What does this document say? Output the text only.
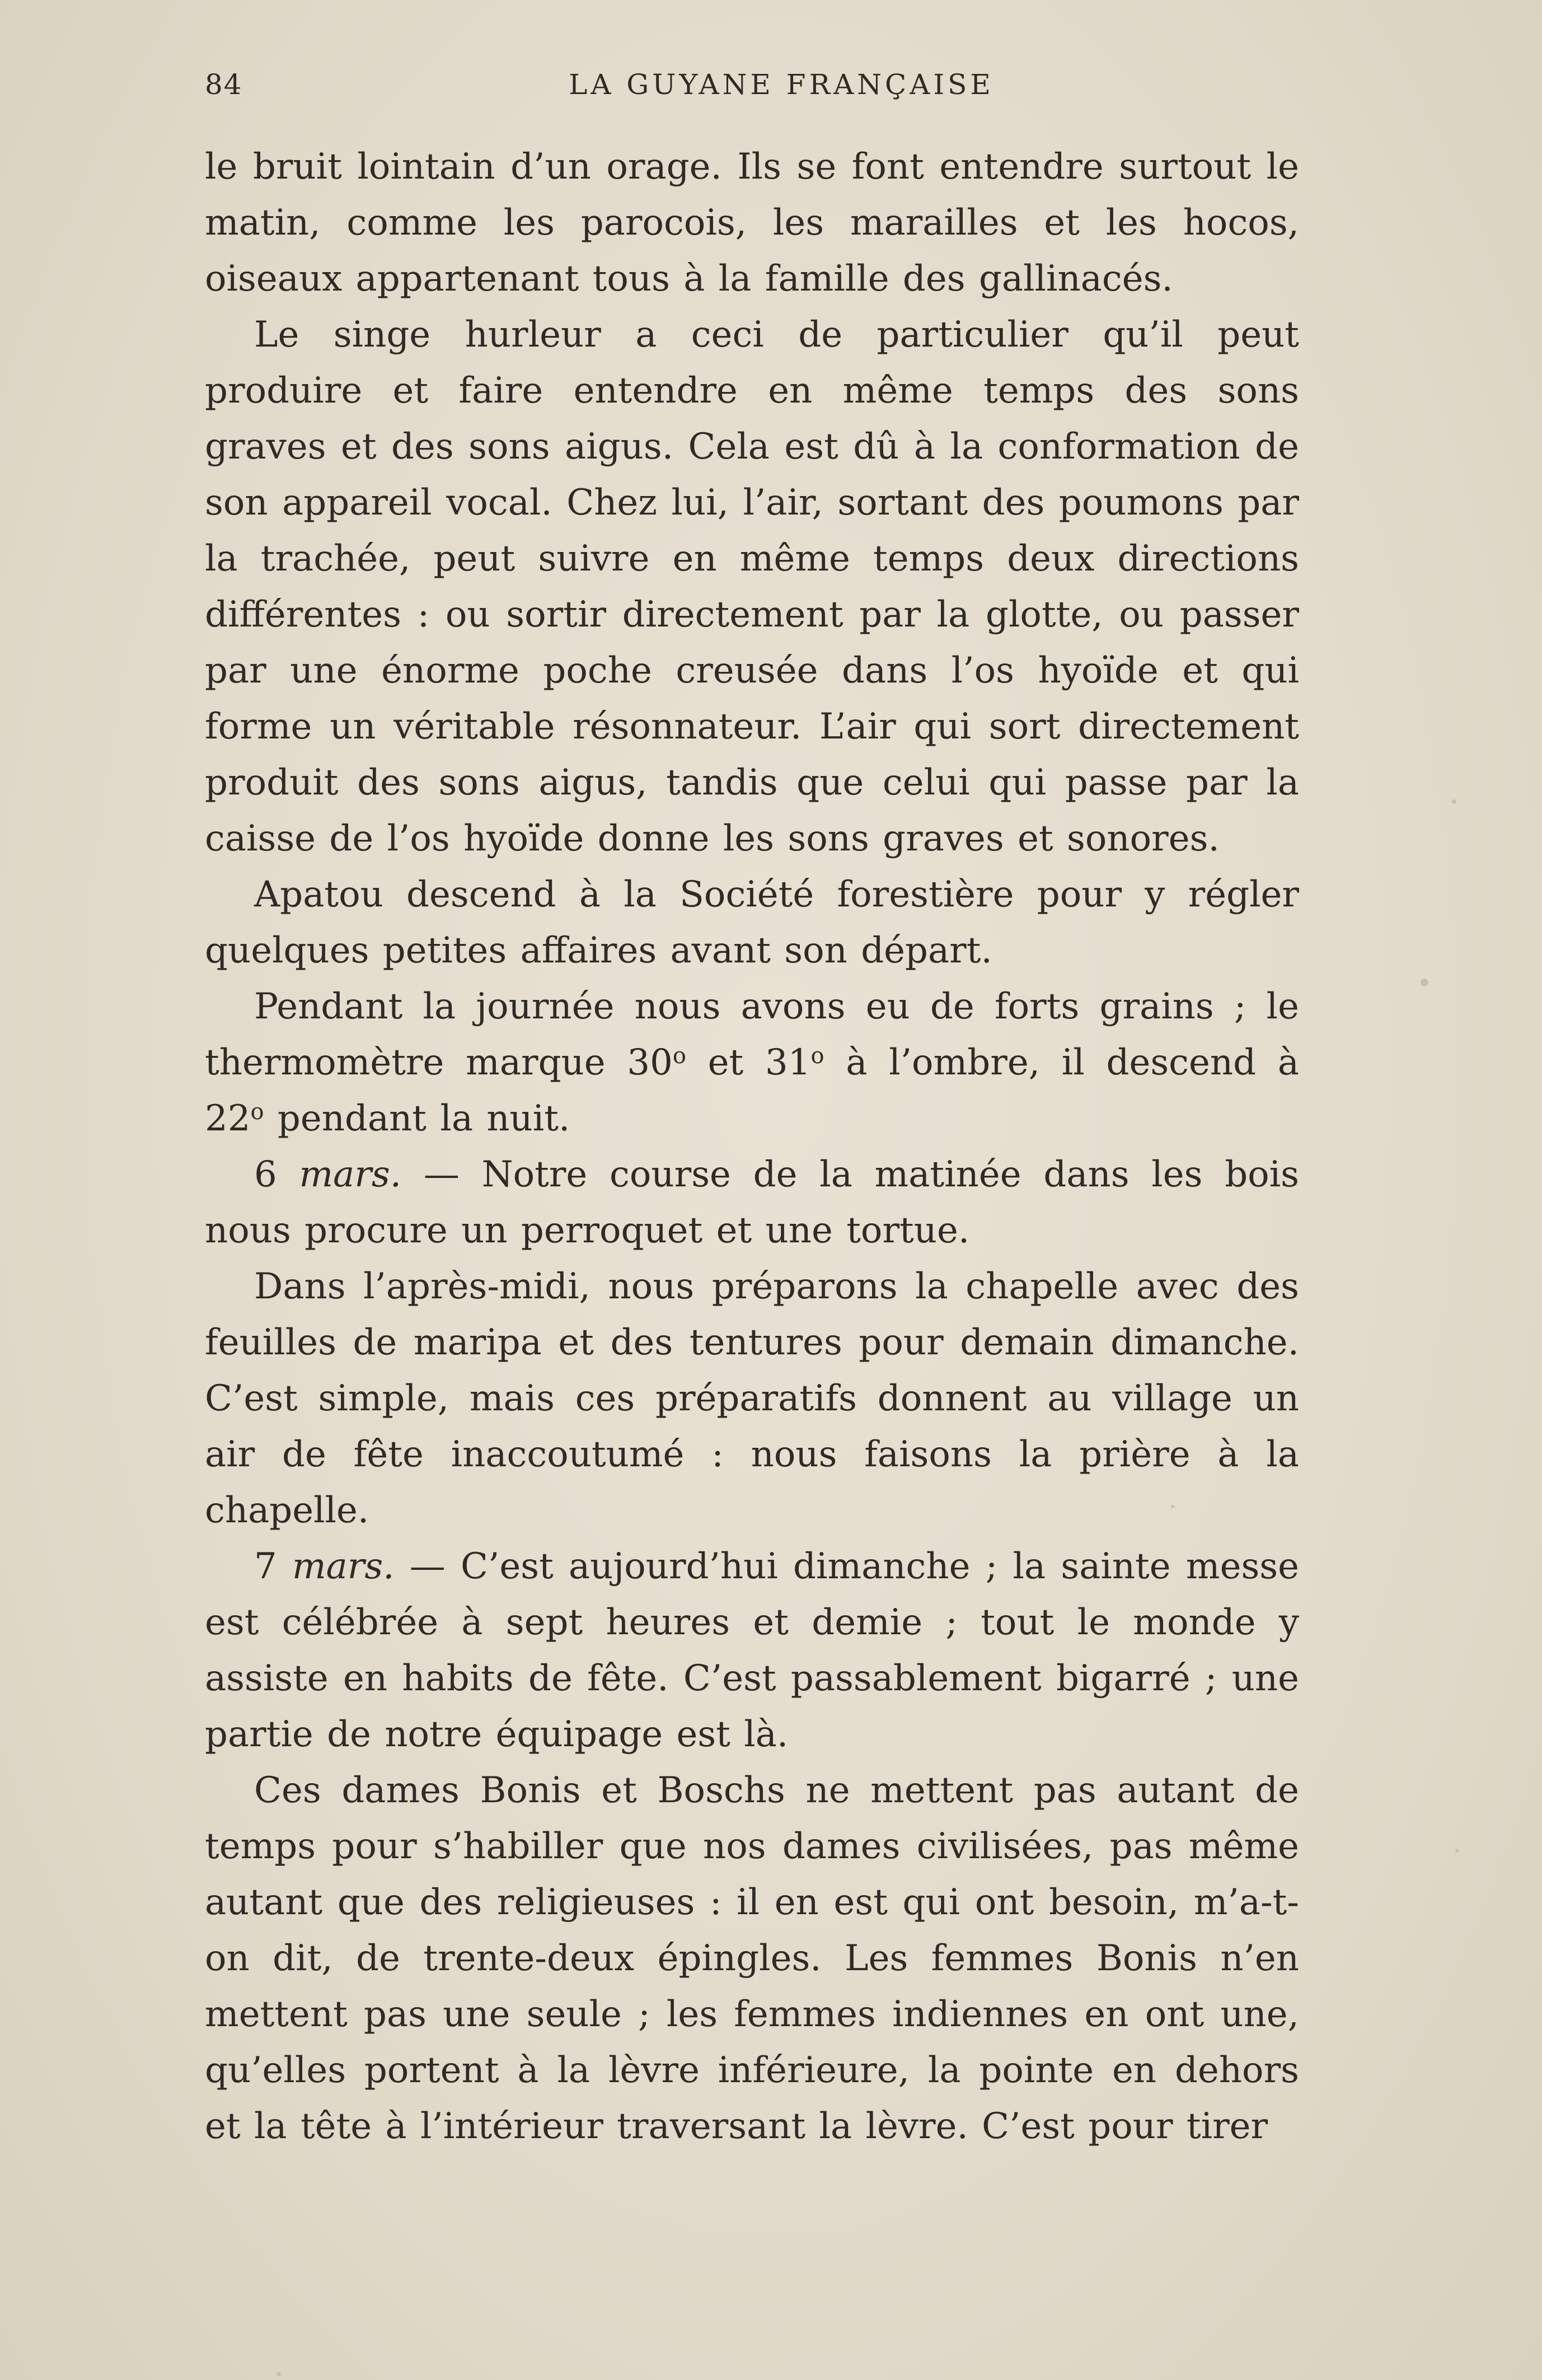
84	LA GUYANE FRANÇAISE

le bruit lointain d’un orage. Ils se font entendre surtout le matin, comme les parocois, les marailles et les hocos, oiseaux appartenant tous à la famille des gallinacés.

Le singe hurleur a ceci de particulier qu’il peut produire et faire entendre en même temps des sons graves et des sons aigus. Cela est dû à la conformation de son appareil vocal. Chez lui, l’air, sortant des poumons par la trachée, peut suivre en même temps deux directions différentes : ou sortir directement par la glotte, ou passer par une énorme poche creusée dans l’os hyoïde et qui forme un véritable résonnateur. L’air qui sort directement produit des sons aigus, tandis que celui qui passe par la caisse de l’os hyoïde donne les sons graves et sonores.

Apatou descend à la Société forestière pour y régler quelques petites affaires avant son départ.

Pendant la journée nous avons eu de forts grains ; le thermomètre marque 30$^o$ et 31$^o$ à l’ombre, il descend à 22$^o$ pendant la nuit.

6 mars. — Notre course de la matinée dans les bois nous procure un perroquet et une tortue.

Dans l’après-midi, nous préparons la chapelle avec des feuilles de maripa et des tentures pour demain dimanche. C’est simple, mais ces préparatifs donnent au village un air de fête inaccoutumé : nous faisons la prière à la chapelle.

7 mars. — C’est aujourd’hui dimanche ; la sainte messe est célébrée à sept heures et demie ; tout le monde y assiste en habits de fête. C’est passablement bigarré ; une partie de notre équipage est là.

Ces dames Bonis et Boschs ne mettent pas autant de temps pour s’habiller que nos dames civilisées, pas même autant que des religieuses : il en est qui ont besoin, m’a-t-on dit, de trente-deux épingles. Les femmes Bonis n’en mettent pas une seule ; les femmes indiennes en ont une, qu’elles portent à la lèvre inférieure, la pointe en dehors et la tête à l’intérieur traversant la lèvre. C’est pour tirer
